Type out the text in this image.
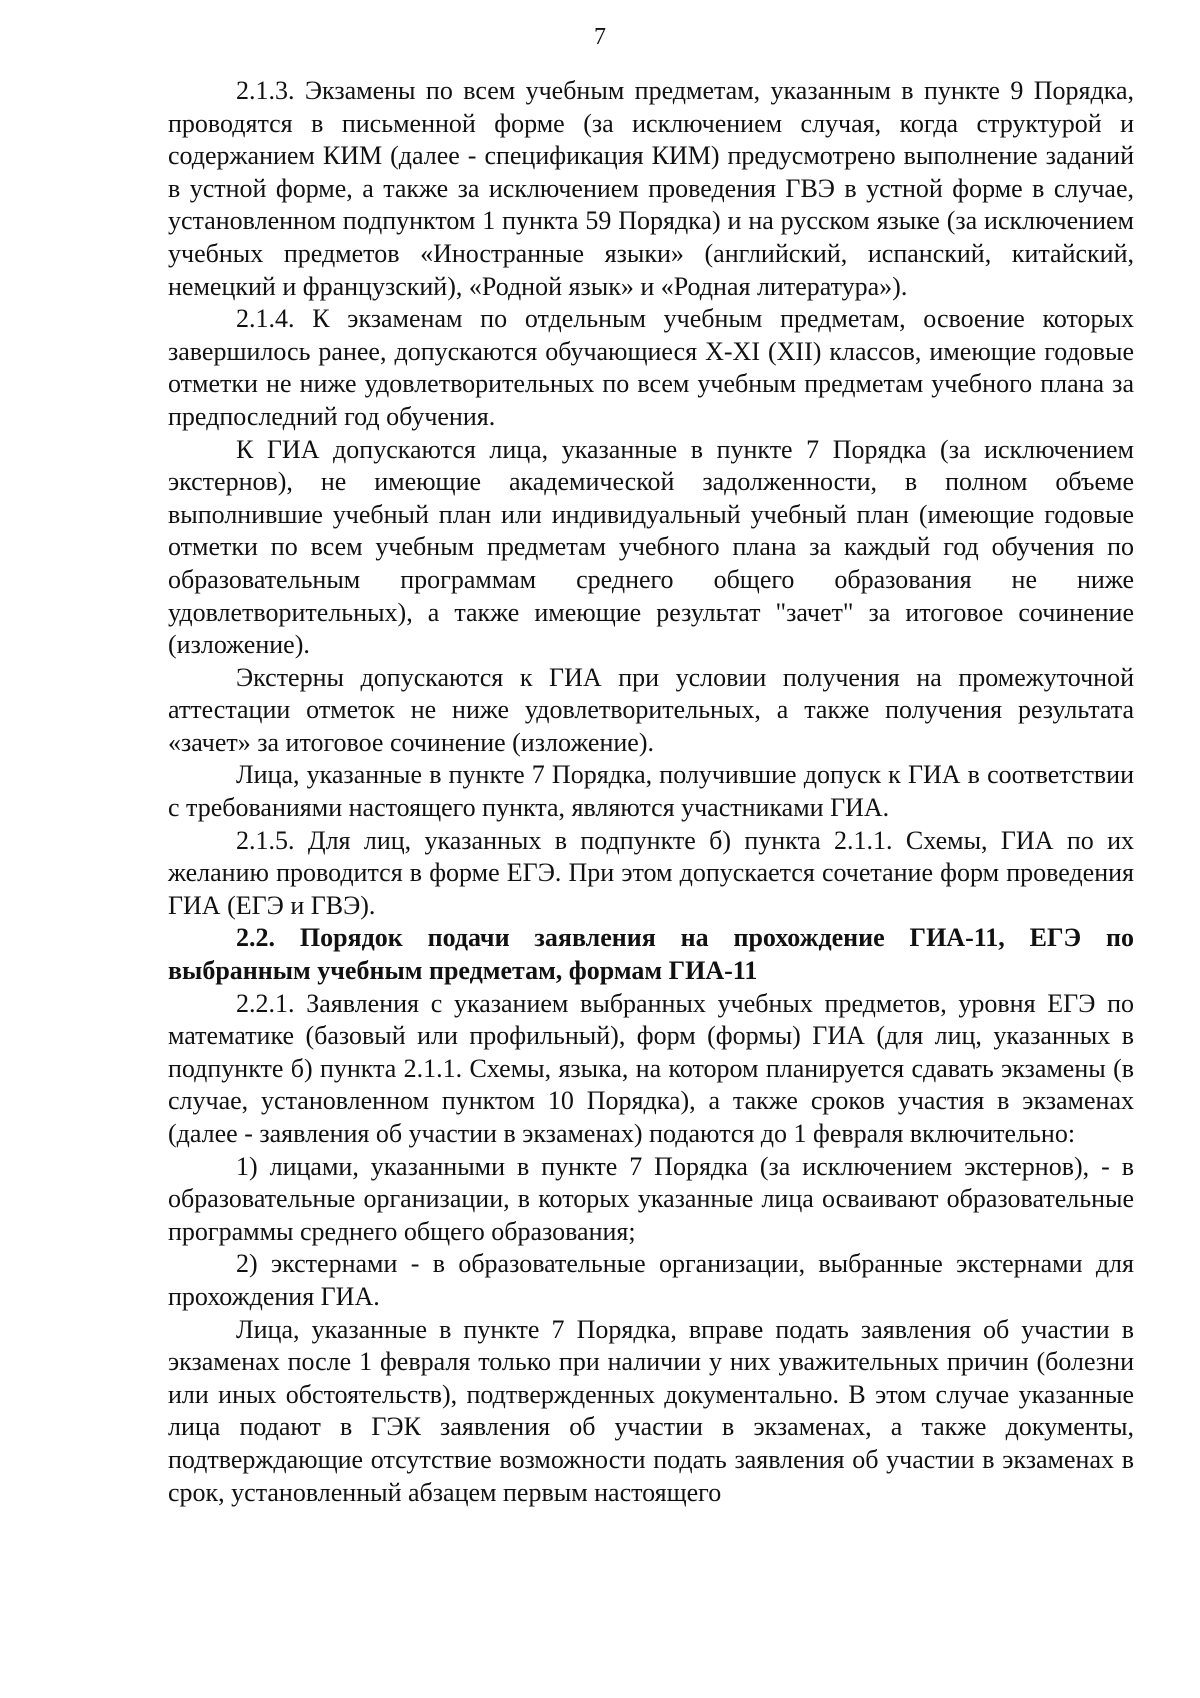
7

2.1.3. Экзамены по всем учебным предметам, указанным в пункте 9 Порядка, проводятся в письменной форме (за исключением случая, когда структурой и содержанием КИМ (далее - спецификация КИМ) предусмотрено выполнение заданий в устной форме, а также за исключением проведения ГВЭ в устной форме в случае, установленном подпунктом 1 пункта 59 Порядка) и на русском языке (за исключением учебных предметов «Иностранные языки» (английский, испанский, китайский, немецкий и французский), «Родной язык» и «Родная литература»).

2.1.4. К экзаменам по отдельным учебным предметам, освоение которых завершилось ранее, допускаются обучающиеся X-XI (XII) классов, имеющие годовые отметки не ниже удовлетворительных по всем учебным предметам учебного плана за предпоследний год обучения.

К ГИА допускаются лица, указанные в пункте 7 Порядка (за исключением экстернов), не имеющие академической задолженности, в полном объеме выполнившие учебный план или индивидуальный учебный план (имеющие годовые отметки по всем учебным предметам учебного плана за каждый год обучения по образовательным программам среднего общего образования не ниже удовлетворительных), а также имеющие результат "зачет" за итоговое сочинение (изложение).

Экстерны допускаются к ГИА при условии получения на промежуточной аттестации отметок не ниже удовлетворительных, а также получения результата «зачет» за итоговое сочинение (изложение).

Лица, указанные в пункте 7 Порядка, получившие допуск к ГИА в соответствии с требованиями настоящего пункта, являются участниками ГИА.

2.1.5. Для лиц, указанных в подпункте б) пункта 2.1.1. Схемы, ГИА по их желанию проводится в форме ЕГЭ. При этом допускается сочетание форм проведения ГИА (ЕГЭ и ГВЭ).

2.2. Порядок подачи заявления на прохождение ГИА-11, ЕГЭ по выбранным учебным предметам, формам ГИА-11

2.2.1. Заявления с указанием выбранных учебных предметов, уровня ЕГЭ по математике (базовый или профильный), форм (формы) ГИА (для лиц, указанных в подпункте б) пункта 2.1.1. Схемы, языка, на котором планируется сдавать экзамены (в случае, установленном пунктом 10 Порядка), а также сроков участия в экзаменах (далее - заявления об участии в экзаменах) подаются до 1 февраля включительно:

1) лицами, указанными в пункте 7 Порядка (за исключением экстернов), - в образовательные организации, в которых указанные лица осваивают образовательные программы среднего общего образования;

2) экстернами - в образовательные организации, выбранные экстернами для прохождения ГИА.

Лица, указанные в пункте 7 Порядка, вправе подать заявления об участии в экзаменах после 1 февраля только при наличии у них уважительных причин (болезни или иных обстоятельств), подтвержденных документально. В этом случае указанные лица подают в ГЭК заявления об участии в экзаменах, а также документы, подтверждающие отсутствие возможности подать заявления об участии в экзаменах в срок, установленный абзацем первым настоящего
